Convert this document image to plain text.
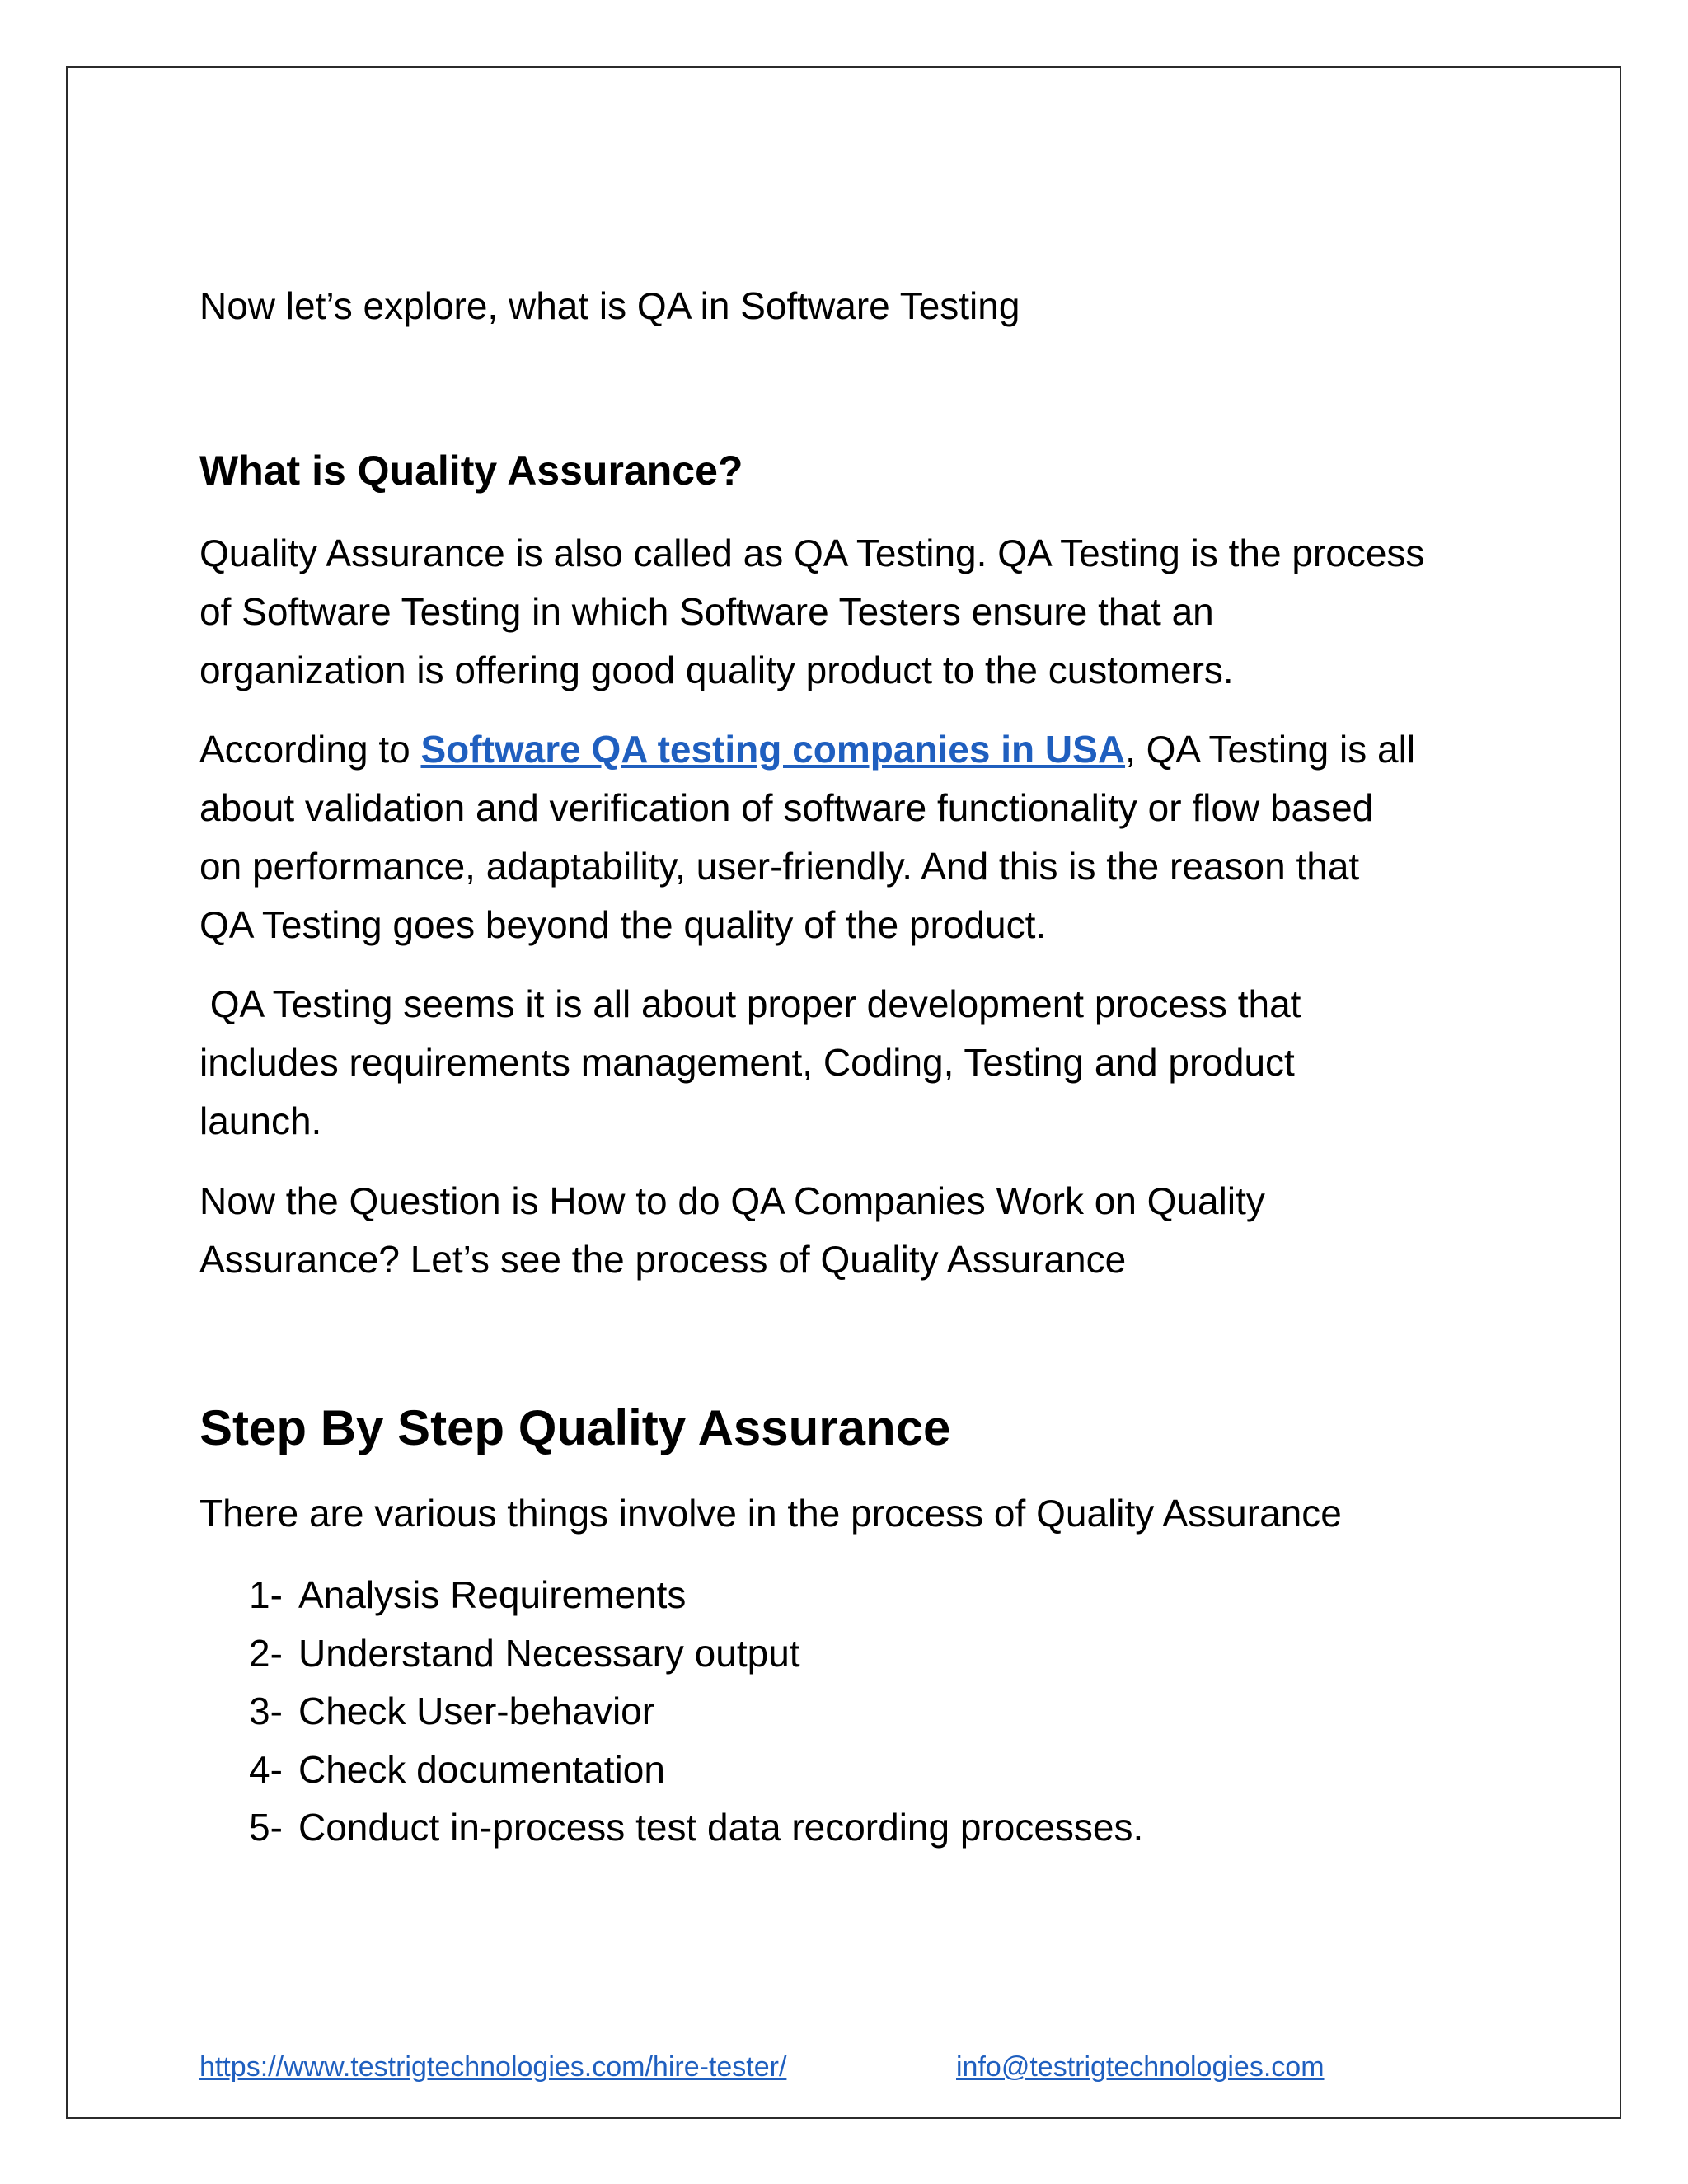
Now let’s explore, what is QA in Software Testing

What is Quality Assurance?

Quality Assurance is also called as QA Testing. QA Testing is the process

of Software Testing in which Software Testers ensure that an

organization is offering good quality product to the customers.

According to Software QA testing companies in USA, QA Testing is all

about validation and verification of software functionality or flow based

on performance, adaptability, user-friendly. And this is the reason that

QA Testing goes beyond the quality of the product.

QA Testing seems it is all about proper development process that

includes requirements management, Coding, Testing and product

launch.

Now the Question is How to do QA Companies Work on Quality

Assurance? Let’s see the process of Quality Assurance

Step By Step Quality Assurance

There are various things involve in the process of Quality Assurance

1- Analysis Requirements
2- Understand Necessary output
3- Check User-behavior
4- Check documentation
5- Conduct in-process test data recording processes.
https://www.testrigtechnologies.com/hire-tester/	info@testrigtechnologies.com
